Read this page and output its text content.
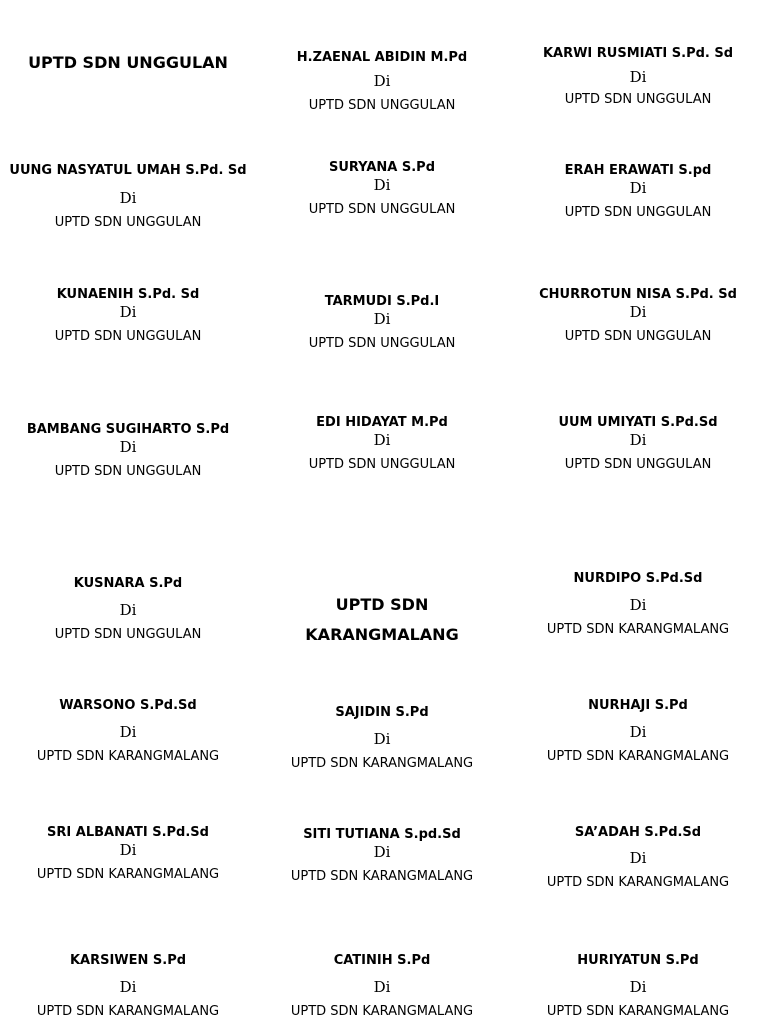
UPTD SDN UNGGULAN	H.ZAENAL ABIDIN M.Pd

Di

UPTD SDN UNGGULAN

KARWI RUSMIATI S.Pd. Sd

Di

UPTD SDN UNGGULAN

UUNG NASYATUL UMAH S.Pd. Sd

Di

UPTD SDN UNGGULAN

SURYANA S.Pd

Di

UPTD SDN UNGGULAN

ERAH ERAWATI S.pd

Di

UPTD SDN UNGGULAN

KUNAENIH S.Pd. Sd

Di

UPTD SDN UNGGULAN

TARMUDI S.Pd.I

Di

UPTD SDN UNGGULAN

CHURROTUN NISA S.Pd. Sd

Di

UPTD SDN UNGGULAN

BAMBANG SUGIHARTO S.Pd

Di

UPTD SDN UNGGULAN

EDI HIDAYAT M.Pd

Di

UPTD SDN UNGGULAN

UUM UMIYATI S.Pd.Sd

Di

UPTD SDN UNGGULAN

KUSNARA S.Pd

Di

UPTD SDN UNGGULAN

UPTD SDN

KARANGMALANG

NURDIPO S.Pd.Sd

Di

UPTD SDN KARANGMALANG

WARSONO S.Pd.Sd

Di

UPTD SDN KARANGMALANG

SAJIDIN S.Pd

Di

UPTD SDN KARANGMALANG

NURHAJI S.Pd

Di

UPTD SDN KARANGMALANG

SRI ALBANATI S.Pd.Sd

Di

UPTD SDN KARANGMALANG

SITI TUTIANA S.pd.Sd

Di

UPTD SDN KARANGMALANG

SA’ADAH S.Pd.Sd

Di

UPTD SDN KARANGMALANG

KARSIWEN S.Pd

Di

UPTD SDN KARANGMALANG

CATINIH S.Pd

Di

UPTD SDN KARANGMALANG

HURIYATUN S.Pd

Di

UPTD SDN KARANGMALANG
